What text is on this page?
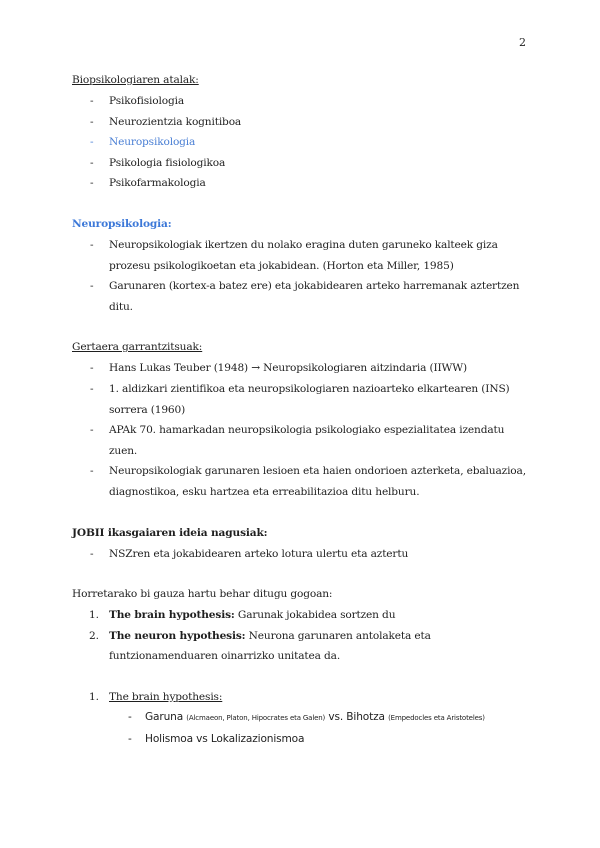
2
Biopsikologiaren atalak:
- Psikofisiologia
- Neurozientzia kognitiboa
- Neuropsikologia
- Psikologia fisiologikoa
- Psikofarmakologia
Neuropsikologia:
- Neuropsikologiak ikertzen du nolako eragina duten garuneko kalteek giza prozesu psikologikoetan eta jokabidean. (Horton eta Miller, 1985)
- Garunaren (kortex-a batez ere) eta jokabidearen arteko harremanak aztertzen ditu.
Gertaera garrantzitsuak:
- Hans Lukas Teuber (1948) → Neuropsikologiaren aitzindaria (IIWW)
- 1. aldizkari zientifikoa eta neuropsikologiaren nazioarteko elkartearen (INS) sorrera (1960)
- APAk 70. hamarkadan neuropsikologia psikologiako espezialitatea izendatu zuen.
- Neuropsikologiak garunaren lesioen eta haien ondorioen azterketa, ebaluazioa, diagnostikoa, esku hartzea eta erreabilitazioa ditu helburu.
JOBII ikasgaiaren ideia nagusiak:
- NSZren eta jokabidearen arteko lotura ulertu eta aztertu
Horretarako bi gauza hartu behar ditugu gogoan:
1. The brain hypothesis: Garunak jokabidea sortzen du
2. The neuron hypothesis: Neurona garunaren antolaketa eta funtzionamenduaren oinarrizko unitatea da.
1. The brain hypothesis:
- Garuna (Alcmaeon, Platon, Hipocrates eta Galen) vs. Bihotza (Empedocles eta Aristoteles)
- Holismoa vs Lokalizazionismoa
